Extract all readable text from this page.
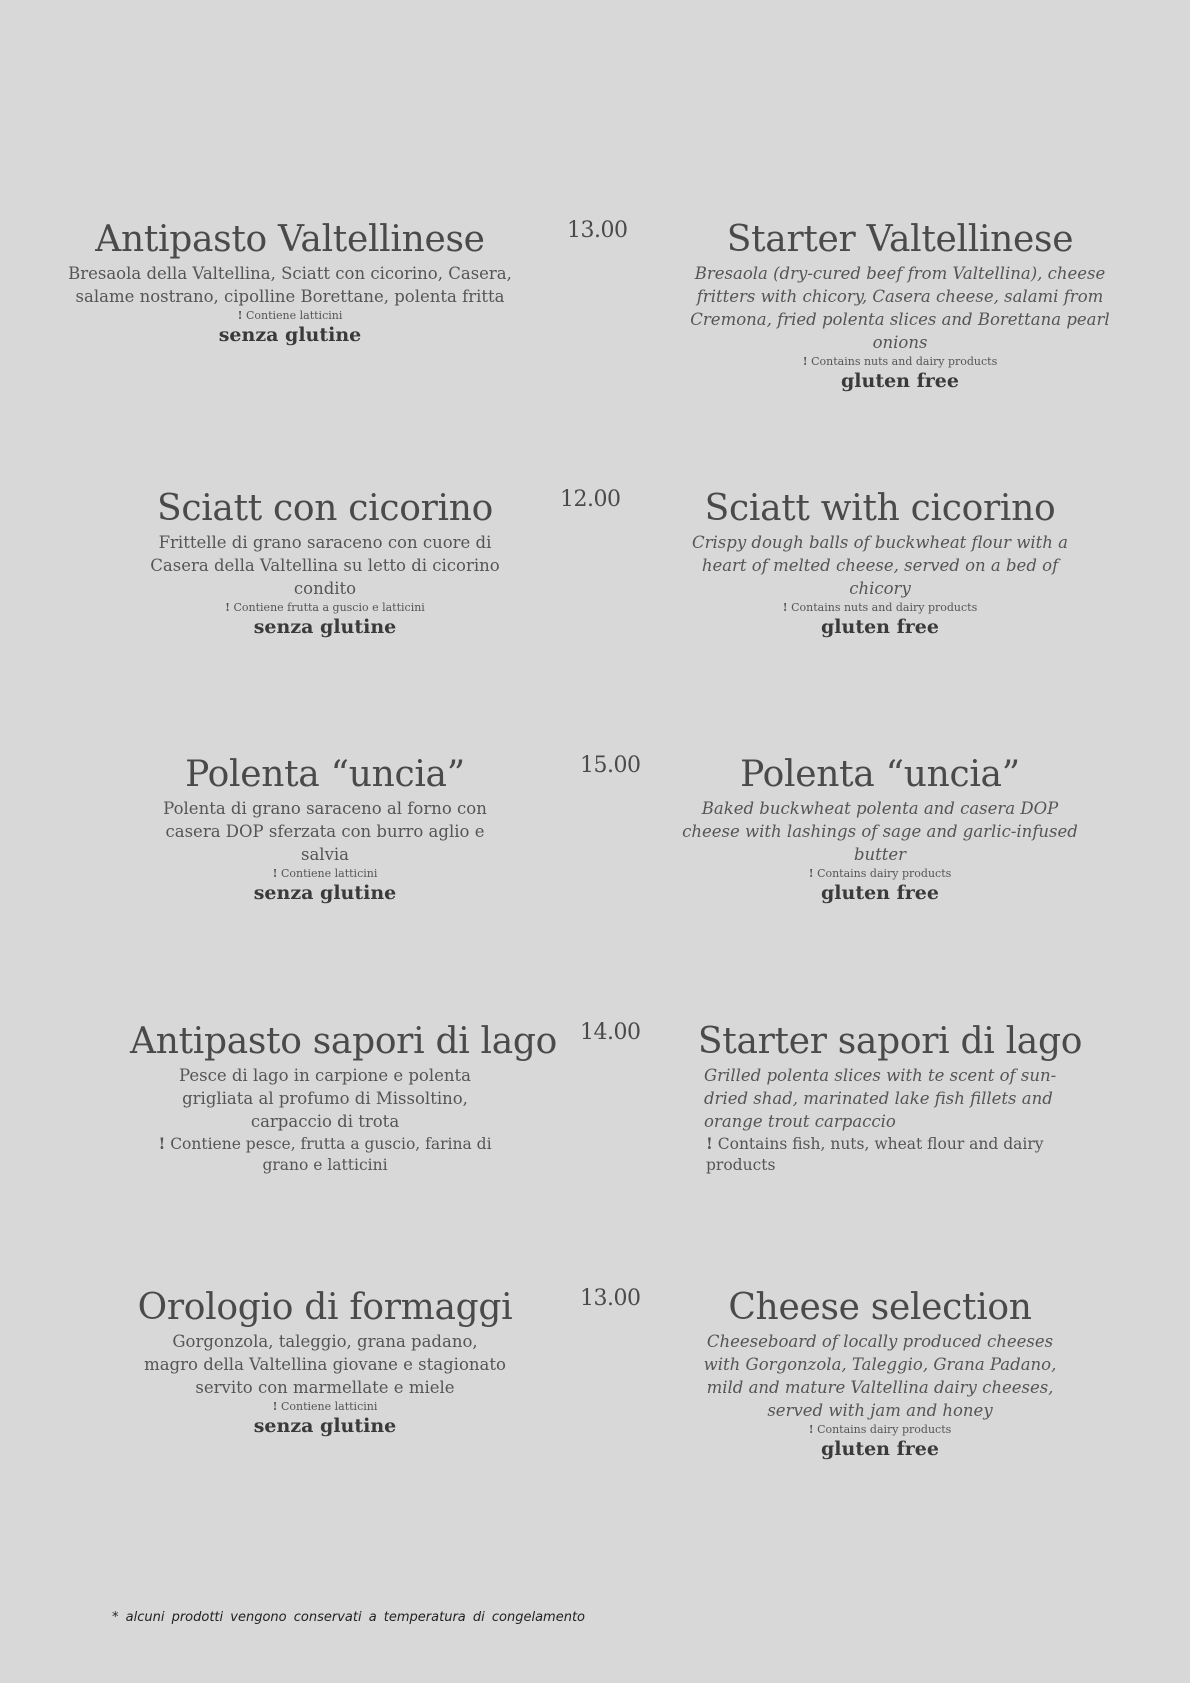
Antipasto Valtellinese
Bresaola della Valtellina, Sciatt con cicorino, Casera, salame nostrano, cipolline Borettane, polenta fritta
! Contiene latticini
senza glutine
13.00	Starter Valtellinese
Bresaola (dry-cured beef from Valtellina), cheese fritters with chicory, Casera cheese, salami from Cremona, fried polenta slices and Borettana pearl onions
! Contains nuts and dairy products
gluten free
Sciatt con cicorino
Frittelle di grano saraceno con cuore di Casera della Valtellina su letto di cicorino condito
! Contiene frutta a guscio e latticini
senza glutine
12.00	Sciatt with cicorino
Crispy dough balls of buckwheat flour with a heart of melted cheese, served on a bed of chicory
! Contains nuts and dairy products
gluten free
Polenta “uncia”
Polenta di grano saraceno al forno con casera DOP sferzata con burro aglio e salvia
! Contiene latticini
senza glutine
15.00	Polenta “uncia”
Baked buckwheat polenta and casera DOP cheese with lashings of sage and garlic-infused butter
! Contains dairy products
gluten free
Antipasto sapori di lago
Pesce di lago in carpione e polenta grigliata al profumo di Missoltino, carpaccio di trota
! Contiene pesce, frutta a guscio, farina di grano e latticini
14.00	Starter sapori di lago
Grilled polenta slices with te scent of sun-dried shad, marinated lake fish fillets and orange trout carpaccio
! Contains fish, nuts, wheat flour and dairy products
Orologio di formaggi
Gorgonzola, taleggio, grana padano, magro della Valtellina giovane e stagionato servito con marmellate e miele
! Contiene latticini
senza glutine
13.00	Cheese selection
Cheeseboard of locally produced cheeses with Gorgonzola, Taleggio, Grana Padano, mild and mature Valtellina dairy cheeses, served with jam and honey
! Contains dairy products
gluten free
* alcuni prodotti vengono conservati a temperatura di congelamento
